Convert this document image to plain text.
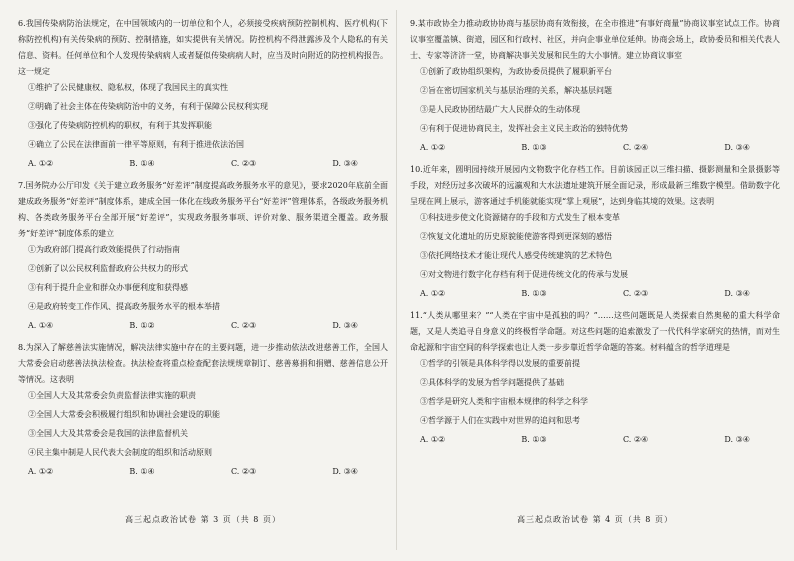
6.我国传染病防治法规定，在中国领域内的一切单位和个人，必须接受疾病预防控制机构、医疗机构(下称防控机构)有关传染病的预防、控制措施，如实提供有关情况。防控机构不得泄露涉及个人隐私的有关信息、资料。任何单位和个人发现传染病病人或者疑似传染病病人时，应当及时向附近的防控机构报告。这一规定

①维护了公民健康权、隐私权，体现了我国民主的真实性
②明确了社会主体在传染病防治中的义务，有利于保障公民权利实现
③强化了传染病防控机构的职权，有利于其发挥职能
④确立了公民在法律面前一律平等原则，有利于推进依法治国
A. ①②	B. ①④	C. ②③	D. ③④

7.国务院办公厅印发《关于建立政务服务“好差评”制度提高政务服务水平的意见》，要求2020年底前全面建成政务服务“好差评”制度体系，建成全国一体化在线政务服务平台“好差评”管理体系，各级政务服务机构、各类政务服务平台全部开展“好差评”，实现政务服务事项、评价对象、服务渠道全覆盖。政务服务“好差评”制度体系的建立

①为政府部门提高行政效能提供了行动指南
②创新了以公民权利监督政府公共权力的形式
③有利于提升企业和群众办事便利度和获得感
④是政府转变工作作风、提高政务服务水平的根本举措
A. ①④	B. ①②	C. ②③	D. ③④

8.为深入了解慈善法实施情况，解决法律实施中存在的主要问题，进一步推动依法改进慈善工作，全国人大常委会启动慈善法执法检查。执法检查将重点检查配套法规规章制订、慈善募捐和捐赠、慈善信息公开等情况。这表明

①全国人大及其常委会负责监督法律实施的职责
②全国人大常委会积极履行组织和协调社会建设的职能
③全国人大及其常委会是我国的法律监督机关
④民主集中制是人民代表大会制度的组织和活动原则
A. ①②	B. ①④	C. ②③	D. ③④
高三起点政治试卷 第 3 页（共 8 页）

9.某市政协全力推动政协协商与基层协商有效衔接，在全市推进“有事好商量”协商议事室试点工作。协商议事室覆盖镇、街道，园区和行政村、社区，并向企事业单位延伸。协商会场上，政协委员和相关代表人士、专家等济济一堂，协商解决事关发展和民生的大小事情。建立协商议事室

①创新了政协组织架构，为政协委员提供了履职新平台
②旨在密切国家机关与基层治理的关系，解决基层问题
③是人民政协团结最广大人民群众的生动体现
④有利于促进协商民主，发挥社会主义民主政治的独特优势
A. ①②	B. ①③	C. ②④	D. ③④

10.近年来，圆明园持续开展园内文物数字化存档工作。目前该园正以三维扫描、摄影测量和全景摄影等手段，对经历过多次破坏的远瀛观和大水法遗址建筑开展全面记录，形成最新三维数字模型。借助数字化呈现在网上展示，游客通过手机能就能实现“掌上观展”，达到身临其境的效果。这表明

①科技进步使文化资源储存的手段和方式发生了根本变革
②恢复文化遗址的历史原貌能使游客得到更深刻的感悟
③依托网络技术才能让现代人感受传统建筑的艺术特色
④对文物进行数字化存档有利于促进传统文化的传承与发展
A. ①②	B. ①③	C. ②③	D. ③④

11.“人类从哪里来？”“人类在宇宙中是孤独的吗？”……这些问题既是人类探索自然奥秘的重大科学命题，又是人类追寻自身意义的终极哲学命题。对这些问题的追索激发了一代代科学家研究的热情，而对生命起源和宇宙空间的科学探索也让人类一步步靠近哲学命题的答案。材料蕴含的哲学道理是

①哲学的引领是具体科学得以发展的重要前提
②具体科学的发展为哲学问题提供了基础
③哲学是研究人类和宇宙根本规律的科学之科学
④哲学源于人们在实践中对世界的追问和思考
A. ①②	B. ①③	C. ②④	D. ③④
高三起点政治试卷 第 4 页（共 8 页）
